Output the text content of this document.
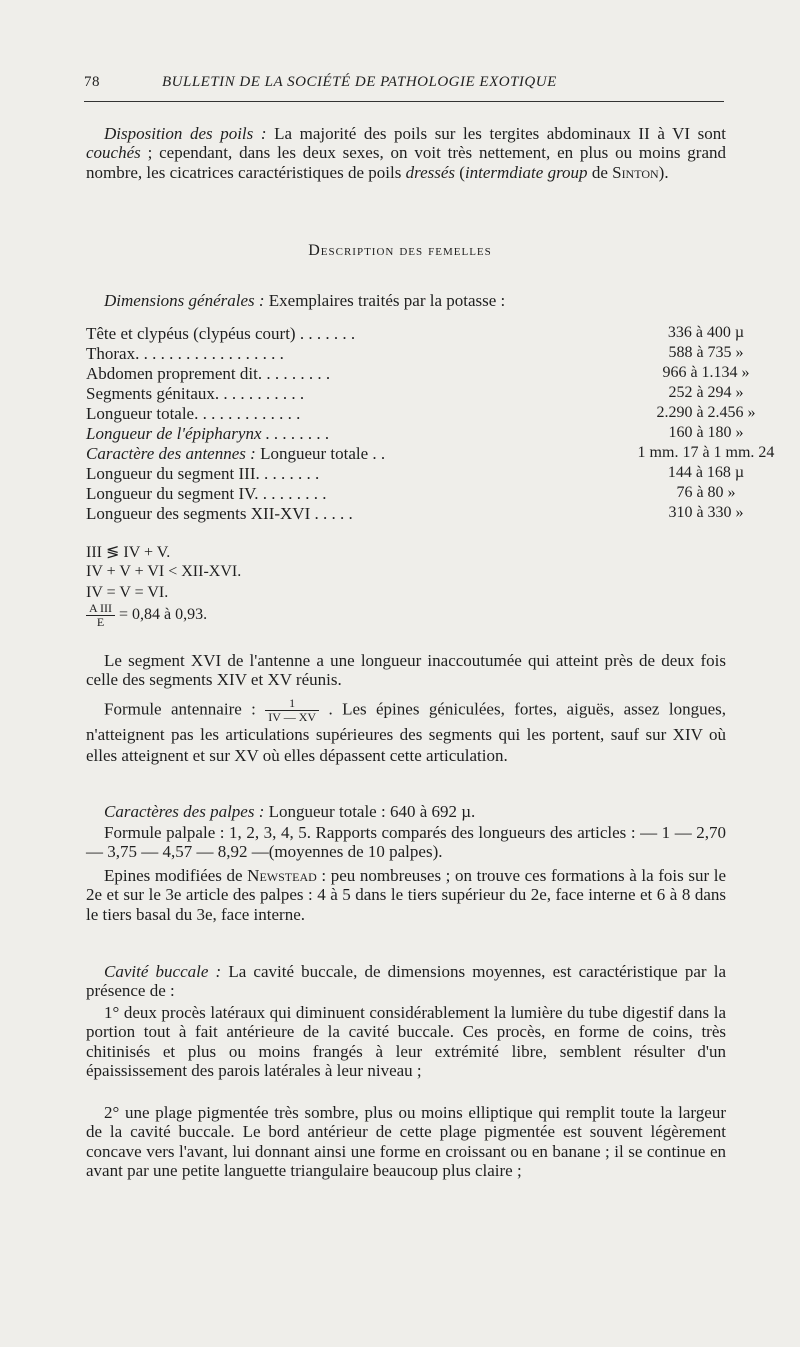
78	BULLETIN DE LA SOCIÉTÉ DE PATHOLOGIE EXOTIQUE
Disposition des poils : La majorité des poils sur les tergites abdominaux II à VI sont couchés ; cependant, dans les deux sexes, on voit très nettement, en plus ou moins grand nombre, les cicatrices caractéristiques de poils dressés (intermdiate group de Sinton).
Description des femelles
Dimensions générales : Exemplaires traités par la potasse :
Tête et clypéus (clypéus court) . . . . . . .	336 à 400 µ
Thorax. . . . . . . . . . . . . . . . . .	588 à 735 »
Abdomen proprement dit. . . . . . . . .	966 à 1.134 »
Segments génitaux. . . . . . . . . . .	252 à 294 »
Longueur totale. . . . . . . . . . . . .	2.290 à 2.456 »
Longueur de l'épipharynx . . . . . . . .	160 à 180 »
Caractère des antennes : Longueur totale . .	1 mm. 17 à 1 mm. 24
Longueur du segment III. . . . . . . .	144 à 168 µ
Longueur du segment IV. . . . . . . . .	76 à 80 »
Longueur des segments XII-XVI . . . . .	310 à 330 »
III ≶ IV + V.
IV + V + VI < XII-XVI.
IV = V = VI.
$\frac{\text{A III}}{E} = 0,84$ à 0,93.
Le segment XVI de l'antenne a une longueur inaccoutumée qui atteint près de deux fois celle des segments XIV et XV réunis.
Formule antennaire : $\frac{1}{IV — XV}$ . Les épines géniculées, fortes, aiguës, assez longues, n'atteignent pas les articulations supérieures des segments qui les portent, sauf sur XIV où elles atteignent et sur XV où elles dépassent cette articulation.
Caractères des palpes : Longueur totale : 640 à 692 µ.
Formule palpale : 1, 2, 3, 4, 5. Rapports comparés des longueurs des articles : — 1 — 2,70 — 3,75 — 4,57 — 8,92 —(moyennes de 10 palpes).
Epines modifiées de Newstead : peu nombreuses ; on trouve ces formations à la fois sur le 2e et sur le 3e article des palpes : 4 à 5 dans le tiers supérieur du 2e, face interne et 6 à 8 dans le tiers basal du 3e, face interne.
Cavité buccale : La cavité buccale, de dimensions moyennes, est caractéristique par la présence de :
1° deux procès latéraux qui diminuent considérablement la lumière du tube digestif dans la portion tout à fait antérieure de la cavité buccale. Ces procès, en forme de coins, très chitinisés et plus ou moins frangés à leur extrémité libre, semblent résulter d'un épaississement des parois latérales à leur niveau ;
2° une plage pigmentée très sombre, plus ou moins elliptique qui remplit toute la largeur de la cavité buccale. Le bord antérieur de cette plage pigmentée est souvent légèrement concave vers l'avant, lui donnant ainsi une forme en croissant ou en banane ; il se continue en avant par une petite languette triangulaire beaucoup plus claire ;
